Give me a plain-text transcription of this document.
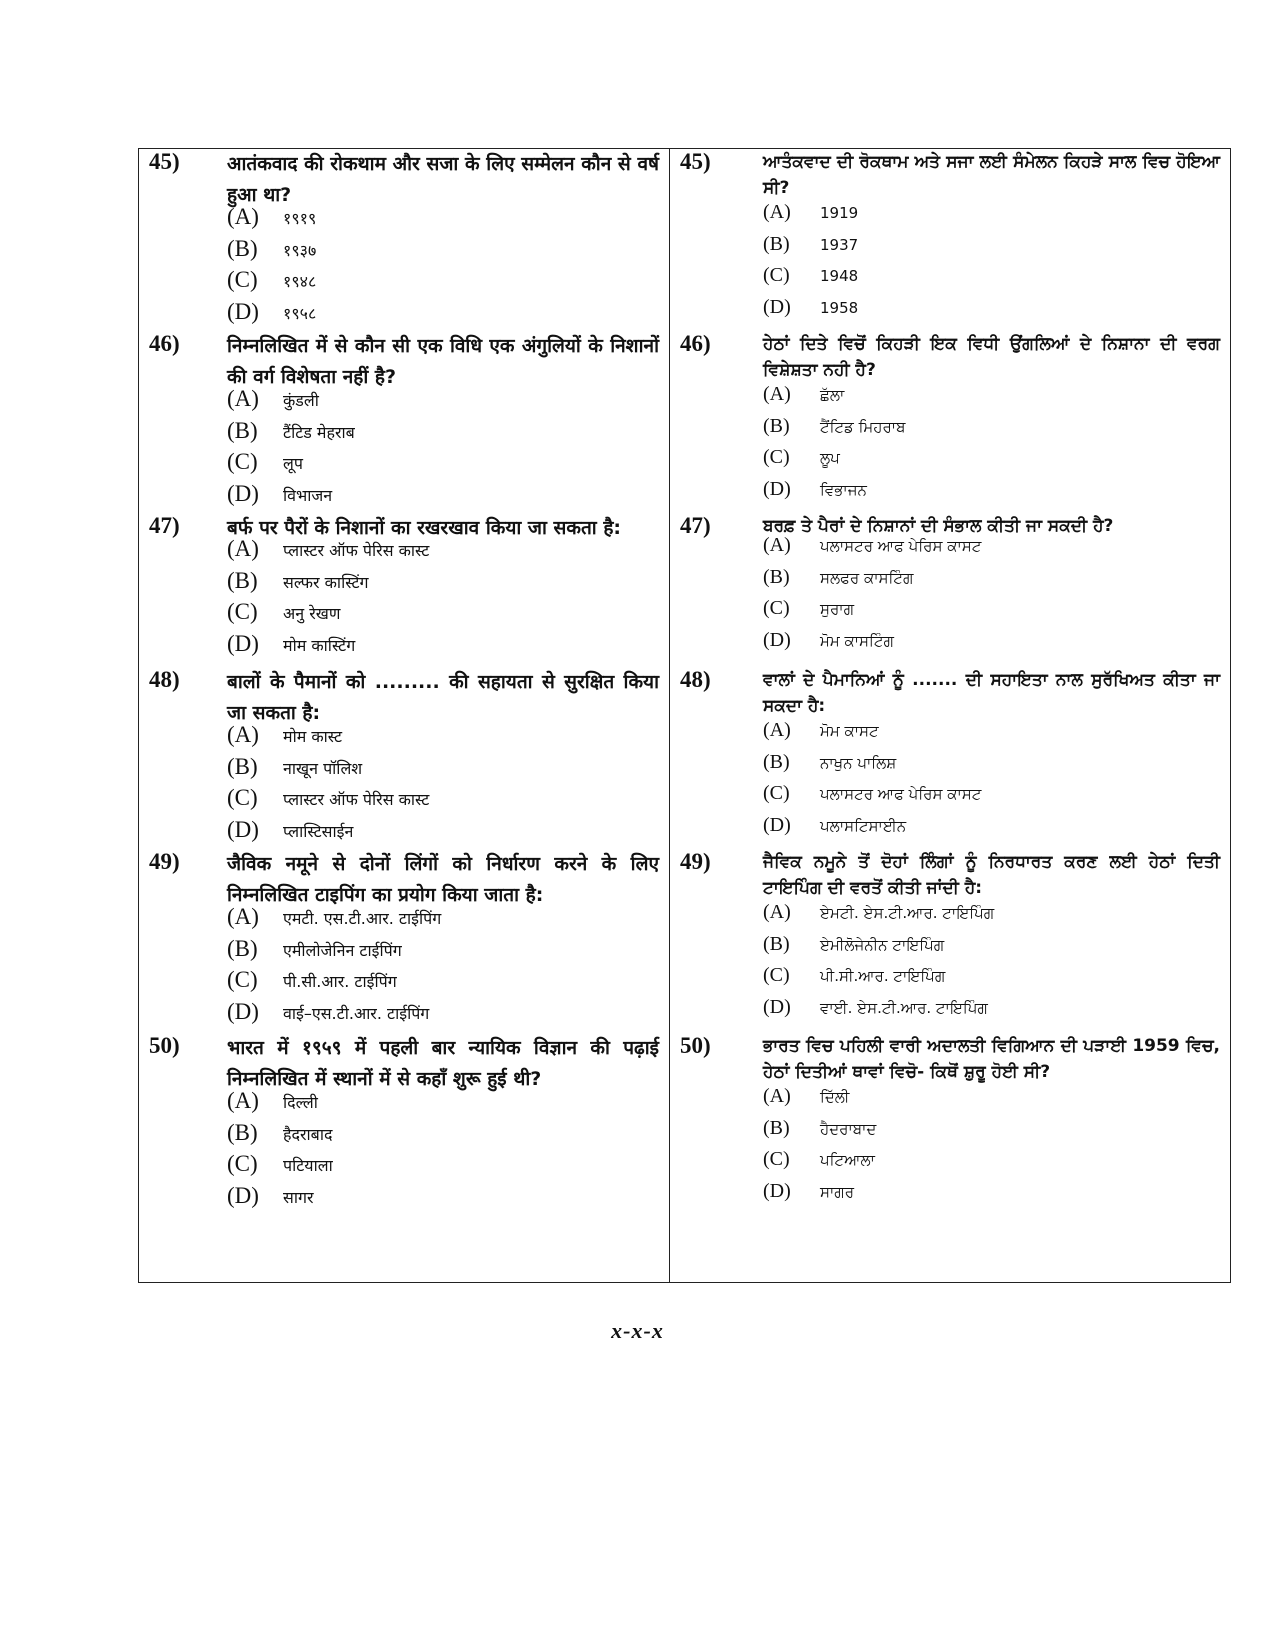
45) आतंकवाद की रोकथाम और सजा के लिए सम्मेलन कौन से वर्ष हुआ था?
(A) १९१९
(B) १९३७
(C) १९४८
(D) १९५८
46) निम्नलिखित में से कौन सी एक विधि एक अंगुलियों के निशानों की वर्ग विशेषता नहीं है?
(A) कुंडली
(B) टैंटिड मेहराब
(C) लूप
(D) विभाजन
47) बर्फ पर पैरों के निशानों का रखरखाव किया जा सकता है:
(A) प्लास्टर ऑफ पेरिस कास्ट
(B) सल्फर कास्टिंग
(C) अनु रेखण
(D) मोम कास्टिंग
48) बालों के पैमानों को ......... की सहायता से सुरक्षित किया जा सकता है:
(A) मोम कास्ट
(B) नाखून पॉलिश
(C) प्लास्टर ऑफ पेरिस कास्ट
(D) प्लास्टिसाईन
49) जैविक नमूने से दोनों लिंगों को निर्धारण करने के लिए निम्नलिखित टाइपिंग का प्रयोग किया जाता है:
(A) एमटी. एस.टी.आर. टाईपिंग
(B) एमीलोजेनिन टाईपिंग
(C) पी.सी.आर. टाईपिंग
(D) वाई–एस.टी.आर. टाईपिंग
50) भारत में १९५९ में पहली बार न्यायिक विज्ञान की पढ़ाई निम्नलिखित में स्थानों में से कहाँ शुरू हुई थी?
(A) दिल्ली
(B) हैदराबाद
(C) पटियाला
(D) सागर
45)	ਆਤੰਕਵਾਦ ਦੀ ਰੋਕਥਾਮ ਅਤੇ ਸਜਾ ਲਈ ਸੰਮੇਲਨ ਕਿਹੜੇ ਸਾਲ ਵਿਚ ਹੋਇਆ ਸੀ?
(A) 1919
(B) 1937
(C) 1948
(D) 1958
46)	ਹੇਠਾਂ ਦਿਤੇ ਵਿਚੋਂ ਕਿਹੜੀ ਇਕ ਵਿਧੀ ਉਂਗਲਿਆਂ ਦੇ ਨਿਸ਼ਾਨਾ ਦੀ ਵਰਗ ਵਿਸ਼ੇਸ਼ਤਾ ਨਹੀ ਹੈ?
(A) ਛੱਲਾ
(B) ਟੈਂਟਿਡ ਮਿਹਰਾਬ
(C) ਲੂਪ
(D) ਵਿਭਾਜਨ
47)	ਬਰਫ਼ ਤੇ ਪੈਰਾਂ ਦੇ ਨਿਸ਼ਾਨਾਂ ਦੀ ਸੰਭਾਲ ਕੀਤੀ ਜਾ ਸਕਦੀ ਹੈ?
(A) ਪਲਾਸਟਰ ਆਫ ਪੇਰਿਸ ਕਾਸਟ
(B) ਸਲਫਰ ਕਾਸਟਿੰਗ
(C) ਸੁਰਾਗ
(D) ਮੋਮ ਕਾਸਟਿੰਗ
48)	ਵਾਲਾਂ ਦੇ ਪੈਮਾਨਿਆਂ ਨੂੰ ....... ਦੀ ਸਹਾਇਤਾ ਨਾਲ ਸੁਰੱਖਿਅਤ ਕੀਤਾ ਜਾ ਸਕਦਾ ਹੈ:
(A) ਮੋਮ ਕਾਸਟ
(B) ਨਾਖੁਨ ਪਾਲਿਸ਼
(C) ਪਲਾਸਟਰ ਆਫ ਪੇਰਿਸ ਕਾਸਟ
(D) ਪਲਾਸਟਿਸਾਈਨ
49)	ਜੈਵਿਕ ਨਮੂਨੇ ਤੋਂ ਦੋਹਾਂ ਲਿੰਗਾਂ ਨੂੰ ਨਿਰਧਾਰਤ ਕਰਣ ਲਈ ਹੇਠਾਂ ਦਿਤੀ ਟਾਇਪਿੰਗ ਦੀ ਵਰਤੋਂ ਕੀਤੀ ਜਾਂਦੀ ਹੈ:
(A) ਏਮਟੀ. ਏਸ.ਟੀ.ਆਰ. ਟਾਇਪਿੰਗ
(B) ਏਮੀਲੋਜੇਨੀਨ ਟਾਇਪਿੰਗ
(C) ਪੀ.ਸੀ.ਆਰ. ਟਾਇਪਿੰਗ
(D) ਵਾਈ. ਏਸ.ਟੀ.ਆਰ. ਟਾਇਪਿੰਗ
50)	ਭਾਰਤ ਵਿਚ ਪਹਿਲੀ ਵਾਰੀ ਅਦਾਲਤੀ ਵਿਗਿਆਨ ਦੀ ਪੜਾਈ 1959 ਵਿਚ, ਹੇਠਾਂ ਦਿਤੀਆਂ ਥਾਵਾਂ ਵਿਚੋ- ਕਿਥੋਂ ਸ਼ੁਰੂ ਹੋਈ ਸੀ?
(A) ਦਿੱਲੀ
(B) ਹੈਦਰਾਬਾਦ
(C) ਪਟਿਆਲਾ
(D) ਸਾਗਰ
x-x-x
